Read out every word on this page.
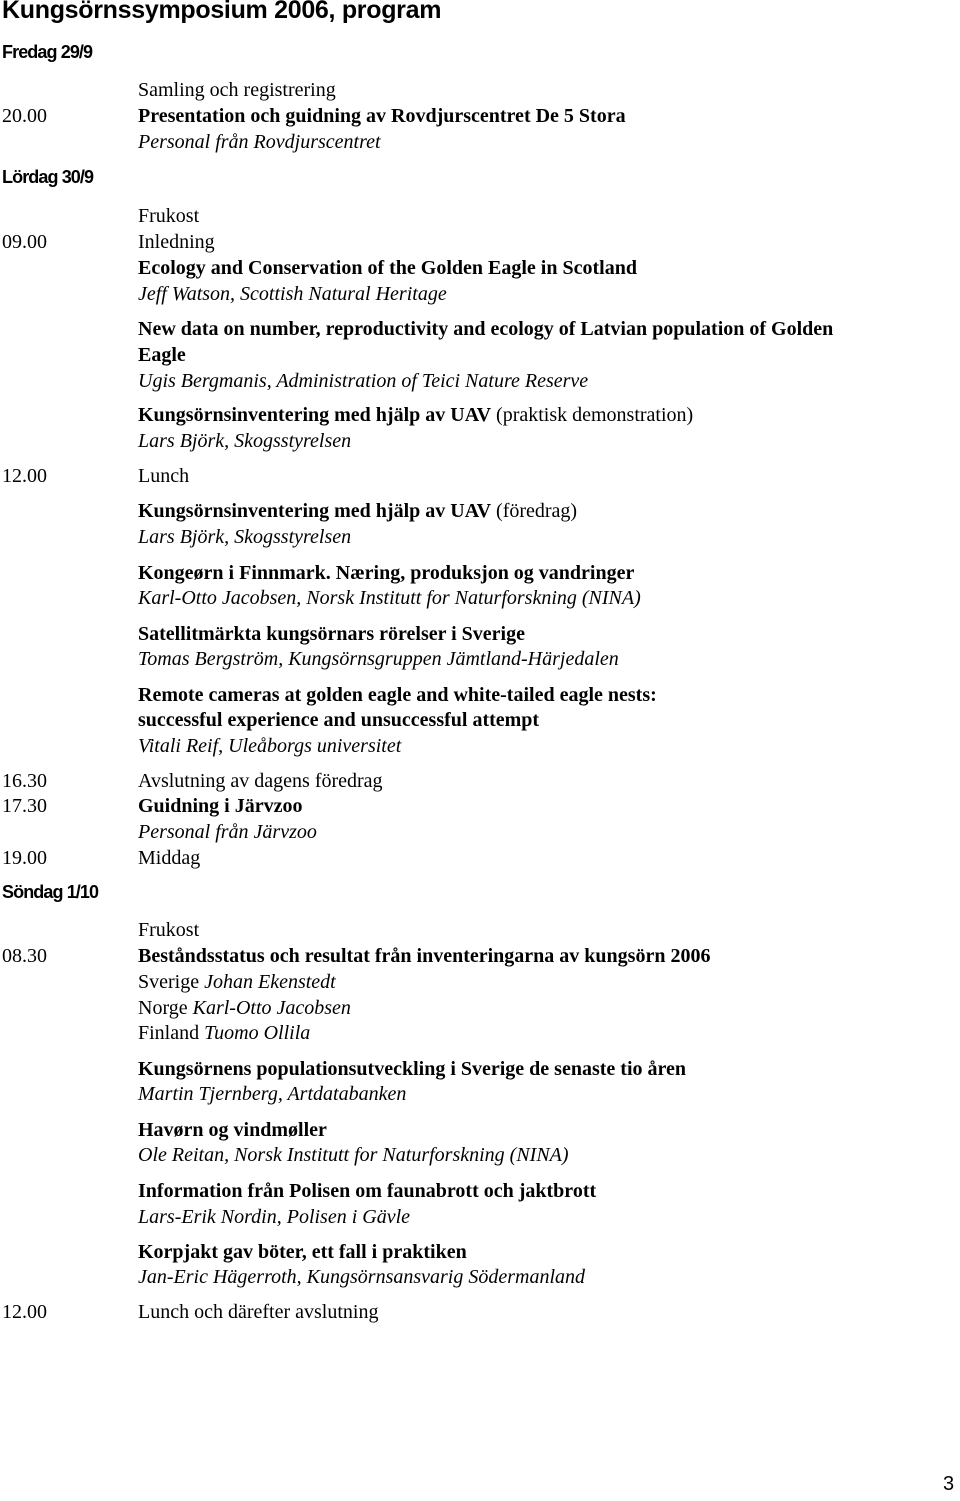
Kungsörnssymposium 2006, program
Fredag 29/9
Samling och registrering
20.00	Presentation och guidning av Rovdjurscentret De 5 Stora
Personal från Rovdjurscentret
Lördag 30/9
Frukost
09.00	Inledning
Ecology and Conservation of the Golden Eagle in Scotland
Jeff Watson, Scottish Natural Heritage
New data on number, reproductivity and ecology of Latvian population of Golden
Eagle
Ugis Bergmanis, Administration of Teici Nature Reserve
Kungsörnsinventering med hjälp av UAV (praktisk demonstration)
Lars Björk, Skogsstyrelsen
12.00	Lunch
Kungsörnsinventering med hjälp av UAV (föredrag)
Lars Björk, Skogsstyrelsen
Kongeørn i Finnmark. Næring, produksjon og vandringer
Karl-Otto Jacobsen, Norsk Institutt for Naturforskning (NINA)
Satellitmärkta kungsörnars rörelser i Sverige
Tomas Bergström, Kungsörnsgruppen Jämtland-Härjedalen
Remote cameras at golden eagle and white-tailed eagle nests:
successful experience and unsuccessful attempt
Vitali Reif, Uleåborgs universitet
16.30	Avslutning av dagens föredrag
17.30	Guidning i Järvzoo
Personal från Järvzoo
19.00	Middag
Söndag 1/10
Frukost
08.30	Beståndsstatus och resultat från inventeringarna av kungsörn 2006
Sverige Johan Ekenstedt
Norge Karl-Otto Jacobsen
Finland Tuomo Ollila
Kungsörnens populationsutveckling i Sverige de senaste tio åren
Martin Tjernberg, Artdatabanken
Havørn og vindmøller
Ole Reitan, Norsk Institutt for Naturforskning (NINA)
Information från Polisen om faunabrott och jaktbrott
Lars-Erik Nordin, Polisen i Gävle
Korpjakt gav böter, ett fall i praktiken
Jan-Eric Hägerroth, Kungsörnsansvarig Södermanland
12.00	Lunch och därefter avslutning
3
